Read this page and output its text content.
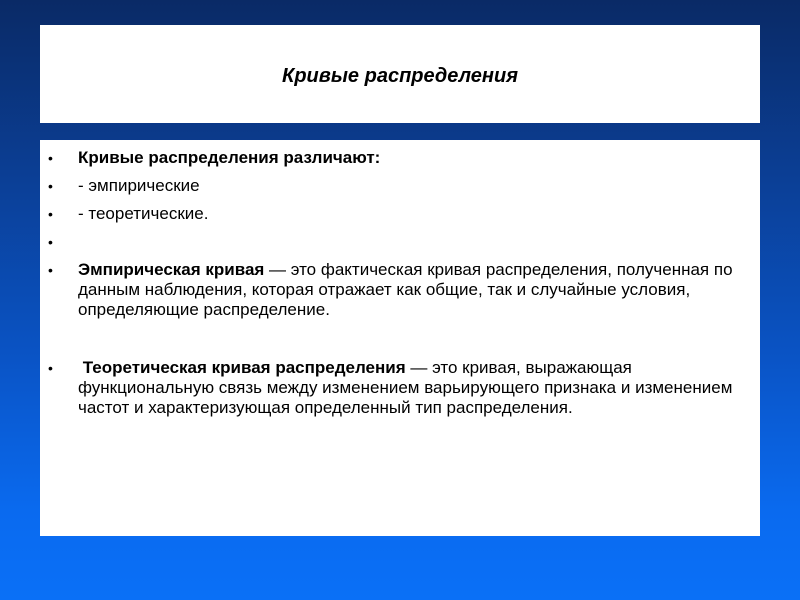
Кривые распределения
• Кривые распределения различают:
• - эмпирические
• - теоретические.
•
• Эмпирическая кривая — это фактическая кривая распределения, полученная по данным наблюдения, которая отражает как общие, так и случайные условия, определяющие распределение.
• Теоретическая кривая распределения — это кривая, выражающая функциональную связь между изменением варьирующего признака и изменением частот и характеризующая определенный тип распределения.
